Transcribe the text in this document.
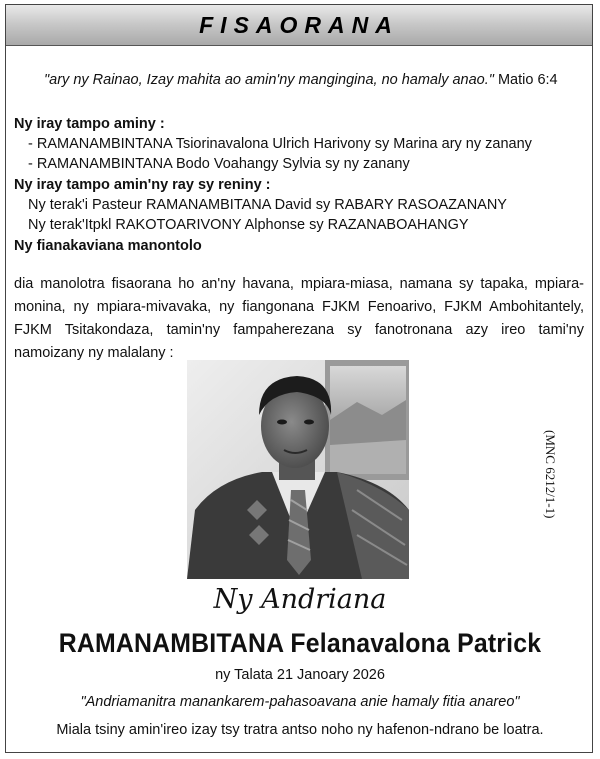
FISAORANA
"ary ny Rainao, Izay mahita ao amin'ny mangingina, no hamaly anao." Matio 6:4
Ny iray tampo aminy :
- RAMANAMBINTANA Tsiorinavalona Ulrich Harivony sy Marina ary ny zanany
- RAMANAMBINTANA Bodo Voahangy Sylvia sy ny zanany
Ny iray tampo amin'ny ray sy reniny :
Ny terak'i Pasteur RAMANAMBITANA David sy RABARY RASOAZANANY
Ny terak'Itpkl RAKOTOARIVONY Alphonse sy RAZANABOAHANGY
Ny fianakaviana manontolo
dia manolotra fisaorana ho an'ny havana, mpiara-miasa, namana sy tapaka, mpiara-monina, ny mpiara-mivavaka, ny fiangonana FJKM Fenoarivo, FJKM Ambohitantely, FJKM Tsitakondaza, tamin'ny fampaherezana sy fanotronana azy ireo tami'ny namoizany ny malalany :
(MNC 6212/1-1)
Ny Andriana
RAMANAMBITANA Felanavalona Patrick
ny Talata 21 Janoary 2026
"Andriamanitra manankarem-pahasoavana anie hamaly fitia anareo"
Miala tsiny amin'ireo izay tsy tratra antso noho ny hafenon-ndrano be loatra.
